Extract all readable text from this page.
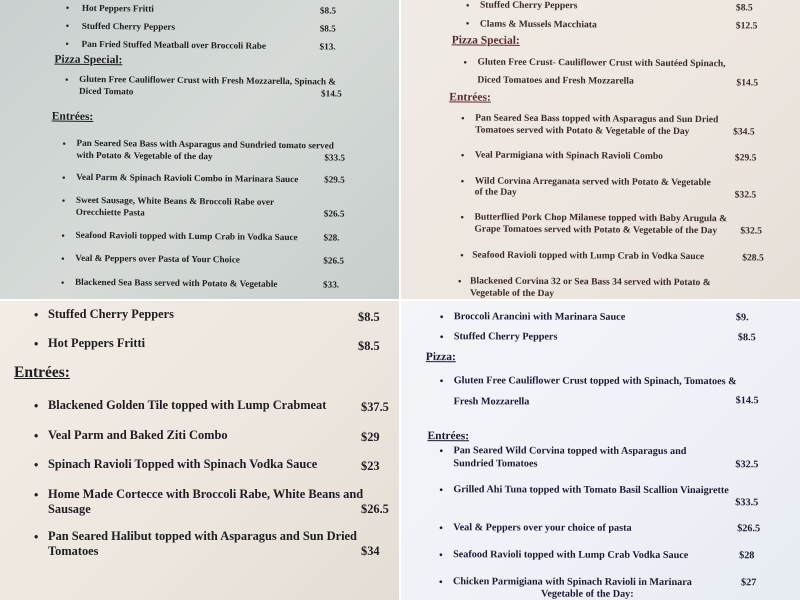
• Hot Peppers Fritti	$8.5
• Stuffed Cherry Peppers	$8.5
• Pan Fried Stuffed Meatball over Broccoli Rabe	$13.
Pizza Special:
• Gluten Free Cauliflower Crust with Fresh Mozzarella, Spinach &
Diced Tomato	$14.5
Entrées:
• Pan Seared Sea Bass with Asparagus and Sundried tomato served
with Potato & Vegetable of the day	$33.5
• Veal Parm & Spinach Ravioli Combo in Marinara Sauce	$29.5
• Sweet Sausage, White Beans & Broccoli Rabe over
Orecchiette Pasta	$26.5
• Seafood Ravioli topped with Lump Crab in Vodka Sauce	$28.
• Veal & Peppers over Pasta of Your Choice	$26.5
• Blackened Sea Bass served with Potato & Vegetable	$33.
• Stuffed Cherry Peppers	$8.5
• Clams & Mussels Macchiata	$12.5
Pizza Special:
• Gluten Free Crust- Cauliflower Crust with Sautéed Spinach,
Diced Tomatoes and Fresh Mozzarella	$14.5
Entrées:
• Pan Seared Sea Bass topped with Asparagus and Sun Dried
Tomatoes served with Potato & Vegetable of the Day	$34.5
• Veal Parmigiana with Spinach Ravioli Combo	$29.5
• Wild Corvina Arreganata served with Potato & Vegetable
of the Day	$32.5
• Butterflied Pork Chop Milanese topped with Baby Arugula &
Grape Tomatoes served with Potato & Vegetable of the Day $32.5
• Seafood Ravioli topped with Lump Crab in Vodka Sauce	$28.5
• Blackened Corvina 32 or Sea Bass 34 served with Potato &
Vegetable of the Day
• Stuffed Cherry Peppers	$8.5
• Hot Peppers Fritti	$8.5
Entrées:
• Blackened Golden Tile topped with Lump Crabmeat	$37.5
• Veal Parm and Baked Ziti Combo	$29
• Spinach Ravioli Topped with Spinach Vodka Sauce	$23
• Home Made Cortecce with Broccoli Rabe, White Beans and
Sausage	$26.5
• Pan Seared Halibut topped with Asparagus and Sun Dried
Tomatoes	$34
• Broccoli Arancini with Marinara Sauce	$9.
• Stuffed Cherry Peppers	$8.5
Pizza:
• Gluten Free Cauliflower Crust topped with Spinach, Tomatoes &
Fresh Mozzarella	$14.5
Entrées:
• Pan Seared Wild Corvina topped with Asparagus and
Sundried Tomatoes	$32.5
• Grilled Ahi Tuna topped with Tomato Basil Scallion Vinaigrette
$33.5
• Veal & Peppers over your choice of pasta	$26.5
• Seafood Ravioli topped with Lump Crab Vodka Sauce	$28
• Chicken Parmigiana with Spinach Ravioli in Marinara	$27
Vegetable of the Day:
